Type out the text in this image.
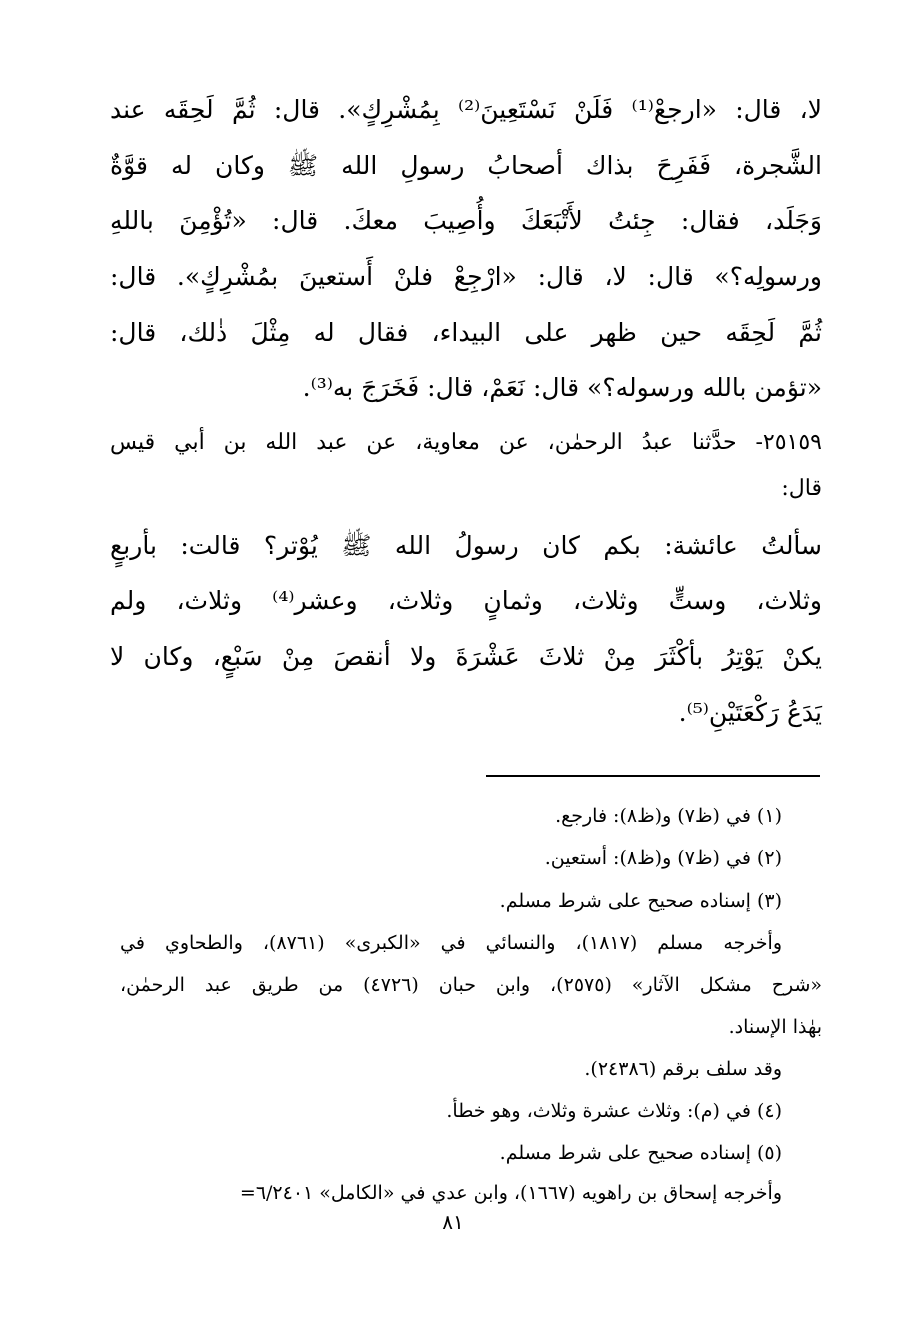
لا، قال: «ارجعْ⁽¹⁾ فَلَنْ نَسْتَعِينَ⁽²⁾ بِمُشْرِكٍ». قال: ثُمَّ لَحِقَه عند
الشَّجرة، فَفَرِحَ بذاك أصحابُ رسولِ الله ﷺ وكان له قوَّةٌ
وَجَلَد، فقال: جِئتُ لأَتْبَعَكَ وأُصِيبَ معكَ. قال: «تُؤْمِنَ باللهِ
ورسولِه؟» قال: لا، قال: «ارْجِعْ فلنْ أَستعينَ بمُشْرِكٍ». قال:
ثُمَّ لَحِقَه حين ظهر على البيداء، فقال له مِثْلَ ذٰلك، قال:
«تؤمن بالله ورسوله؟» قال: نَعَمْ، قال: فَخَرَجَ به⁽³⁾.
٢٥١٥٩- حدَّثنا عبدُ الرحمٰن، عن معاوية، عن عبد الله بن أبي قيس
قال:
سألتُ عائشة: بكم كان رسولُ الله ﷺ يُوْتر؟ قالت: بأربعٍ
وثلاث، وستٍّ وثلاث، وثمانٍ وثلاث، وعشر⁽⁴⁾ وثلاث، ولم
يكنْ يَوْتِرُ بأكْثَرَ مِنْ ثلاثَ عَشْرَةَ ولا أنقصَ مِنْ سَبْعٍ، وكان لا
يَدَعُ رَكْعَتَيْنِ⁽⁵⁾.
(١) في (ظ٧) و(ظ٨): فارجع.
(٢) في (ظ٧) و(ظ٨): أستعين.
(٣) إسناده صحيح على شرط مسلم.
وأخرجه مسلم (١٨١٧)، والنسائي في «الكبرى» (٨٧٦١)، والطحاوي في
«شرح مشكل الآثار» (٢٥٧٥)، وابن حبان (٤٧٢٦) من طريق عبد الرحمٰن،
بهٰذا الإسناد.
وقد سلف برقم (٢٤٣٨٦).
(٤) في (م): وثلاث عشرة وثلاث، وهو خطأ.
(٥) إسناده صحيح على شرط مسلم.
وأخرجه إسحاق بن راهويه (١٦٦٧)، وابن عدي في «الكامل» ٦/٢٤٠١=
٨١
